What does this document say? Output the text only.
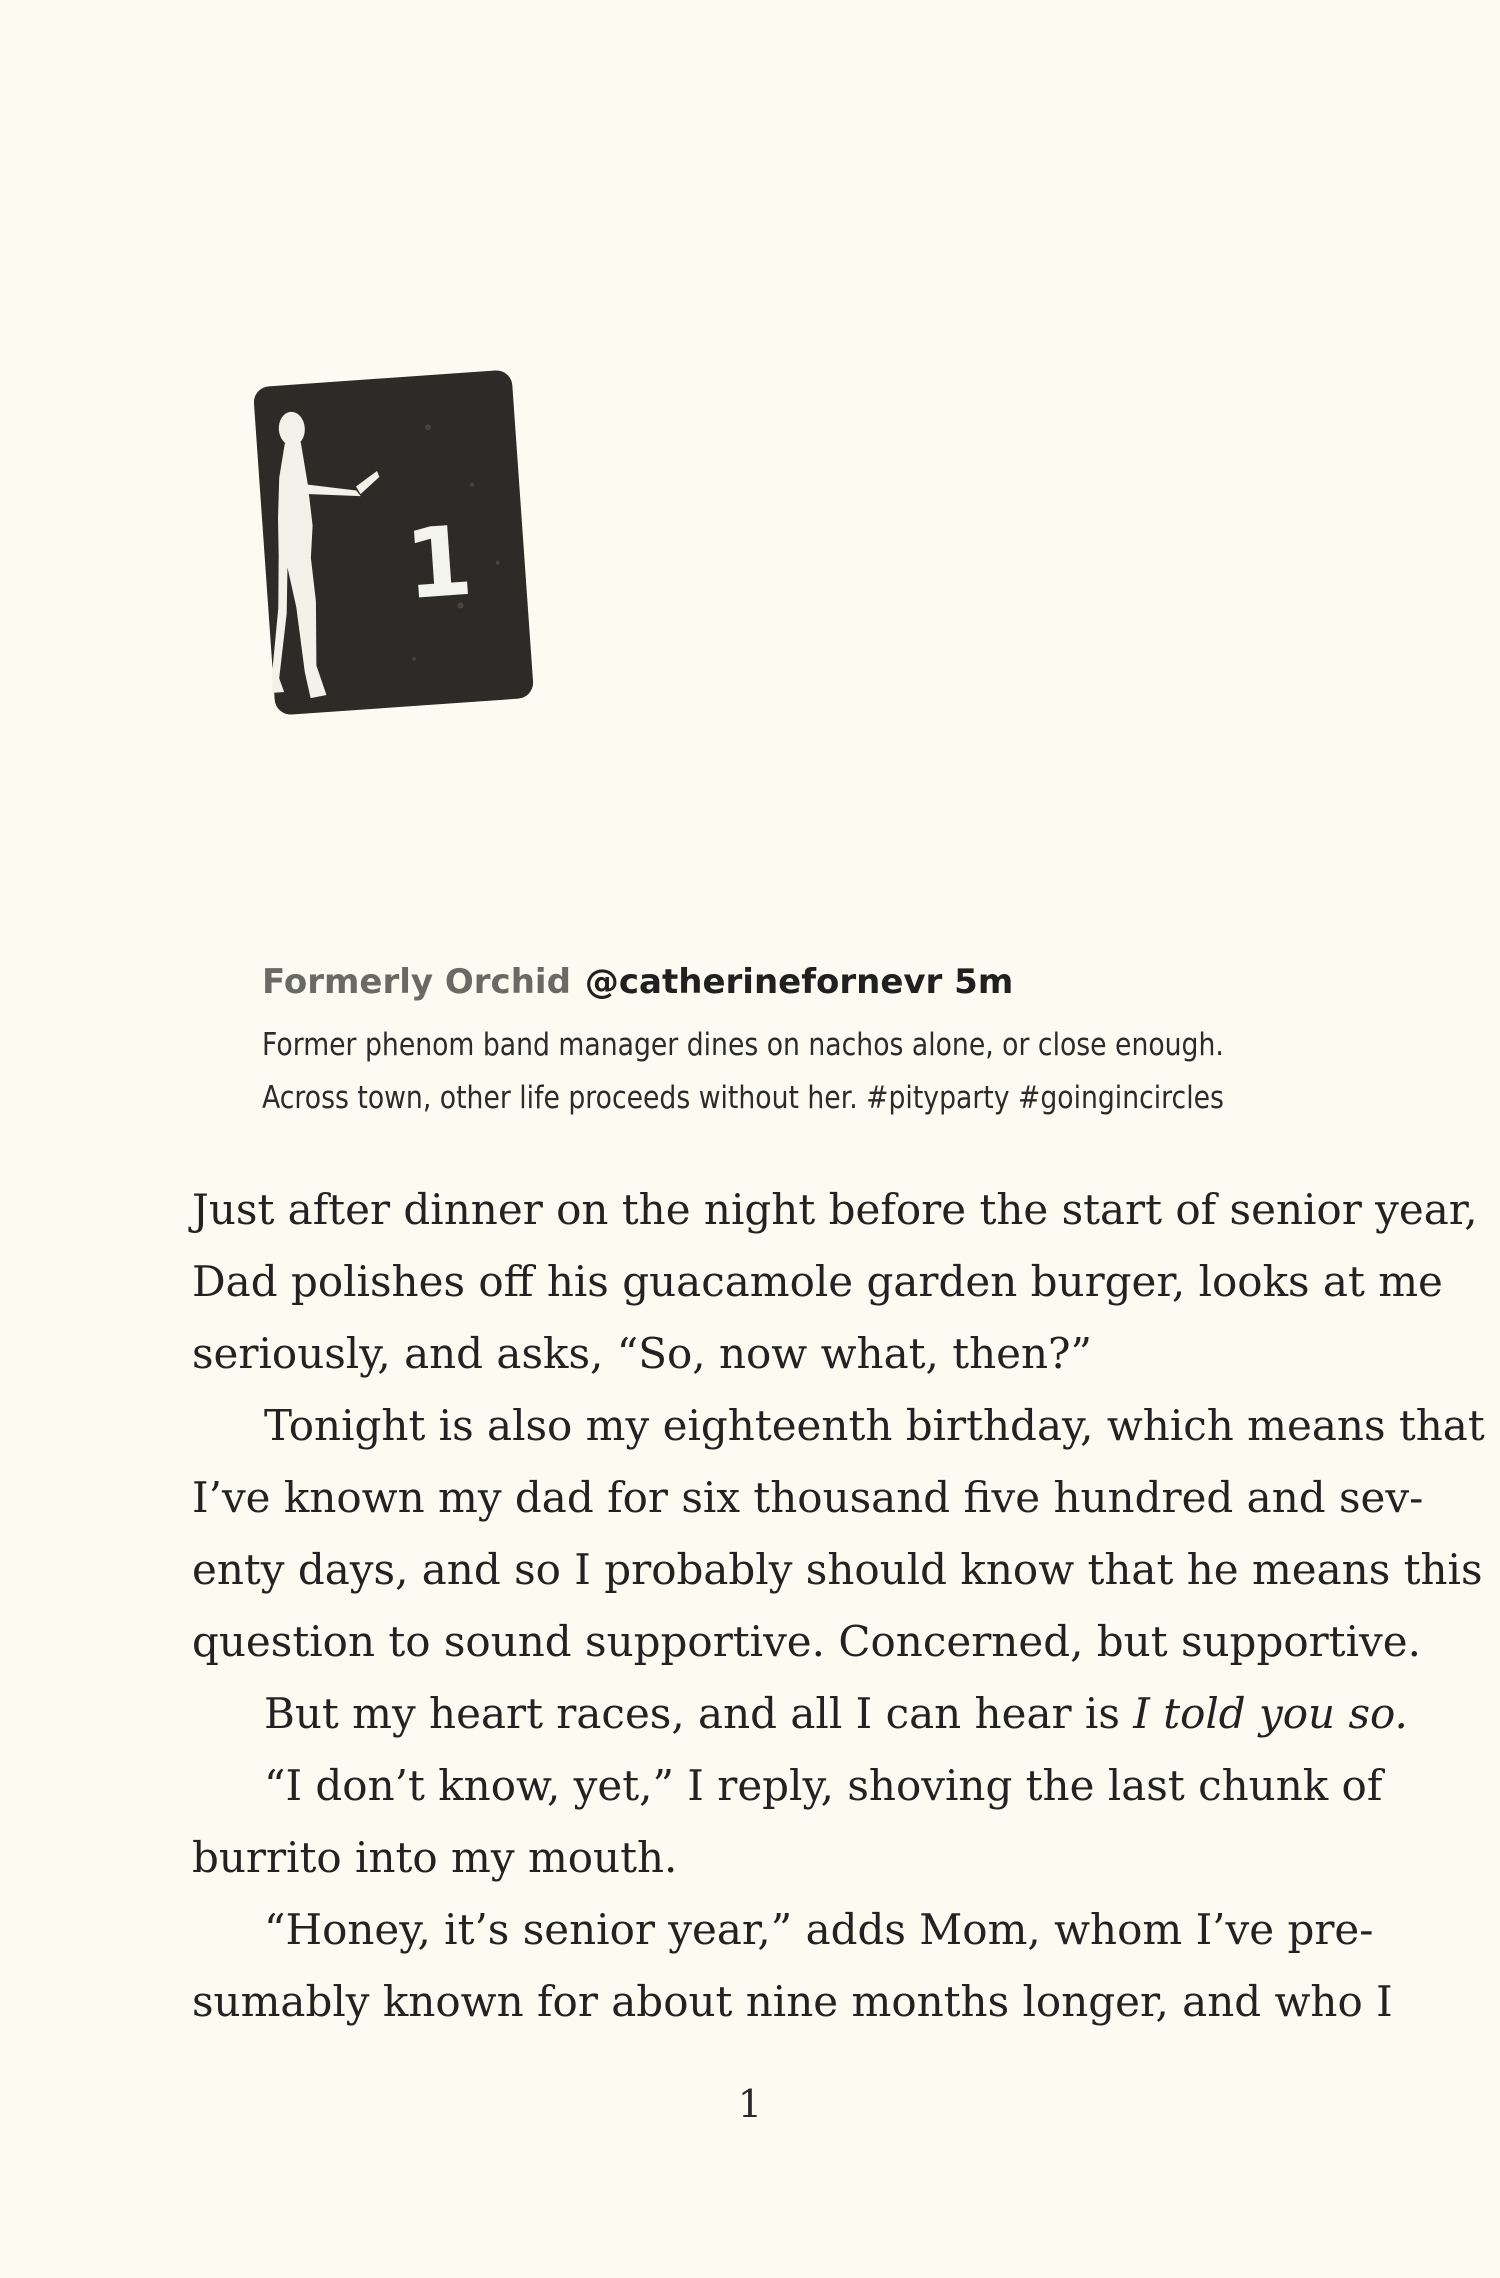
1
Formerly Orchid @catherinefornevr 5m
Former phenom band manager dines on nachos alone, or close enough.
Across town, other life proceeds without her. #pityparty #goingincircles
Just after dinner on the night before the start of senior year,
Dad polishes off his guacamole garden burger, looks at me
seriously, and asks, “So, now what, then?”
Tonight is also my eighteenth birthday, which means that
I’ve known my dad for six thousand five hundred and sev-
enty days, and so I probably should know that he means this
question to sound supportive. Concerned, but supportive.
But my heart races, and all I can hear is I told you so.
“I don’t know, yet,” I reply, shoving the last chunk of
burrito into my mouth.
“Honey, it’s senior year,” adds Mom, whom I’ve pre-
sumably known for about nine months longer, and who I
1
